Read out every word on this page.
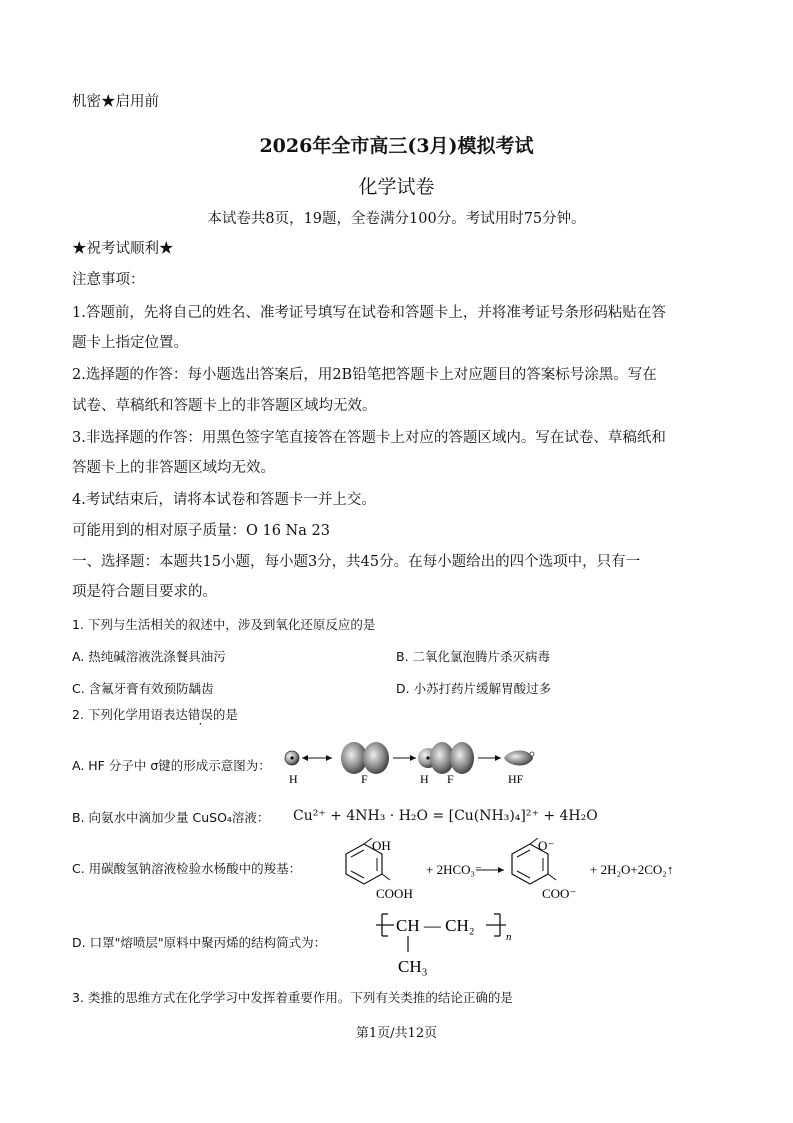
机密★启用前
2026年全市高三(3月)模拟考试
化学试卷
本试卷共8页，19题，全卷满分100分。考试用时75分钟。
★祝考试顺利★
注意事项：
1.答题前，先将自己的姓名、准考证号填写在试卷和答题卡上，并将准考证号条形码粘贴在答
题卡上指定位置。
2.选择题的作答：每小题选出答案后，用2B铅笔把答题卡上对应题目的答案标号涂黑。写在
试卷、草稿纸和答题卡上的非答题区域均无效。
3.非选择题的作答：用黑色签字笔直接答在答题卡上对应的答题区域内。写在试卷、草稿纸和
答题卡上的非答题区域均无效。
4.考试结束后，请将本试卷和答题卡一并上交。
可能用到的相对原子质量：O 16 Na 23
一、选择题：本题共15小题，每小题3分，共45分。在每小题给出的四个选项中，只有一
项是符合题目要求的。
1. 下列与生活相关的叙述中，涉及到氧化还原反应的是
A. 热纯碱溶液洗涤餐具油污	B. 二氧化氯泡腾片杀灭病毒
C. 含氟牙膏有效预防龋齿	D. 小苏打药片缓解胃酸过多
2. 下列化学用语表达错误的是
A. HF 分子中 σ键的形成示意图为：
H	F	H F	HF
B. 向氨水中滴加少量 CuSO₄溶液： Cu²⁺ + 4NH₃ · H₂O = [Cu(NH₃)₄]²⁺ + 4H₂O
C. 用碳酸氢钠溶液检验水杨酸中的羧基：
OH
COOH
+ 2HCO₃⁻
O⁻
COO⁻
+ 2H₂O+2CO₂↑
D. 口罩"熔喷层"原料中聚丙烯的结构简式为：
CH — CH₂
n
CH₃
3. 类推的思维方式在化学学习中发挥着重要作用。下列有关类推的结论正确的是
第1页/共12页
